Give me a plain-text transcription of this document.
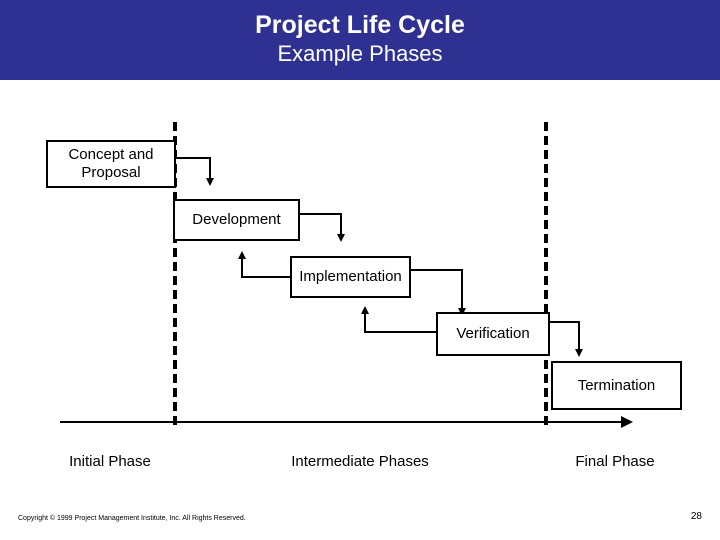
Project Life Cycle
Example Phases
Concept and
Proposal
Development
Implementation
Verification
Termination
Initial Phase	Intermediate Phases	Final Phase
Copyright © 1999 Project Management Institute, Inc. All Rights Reserved.	28
